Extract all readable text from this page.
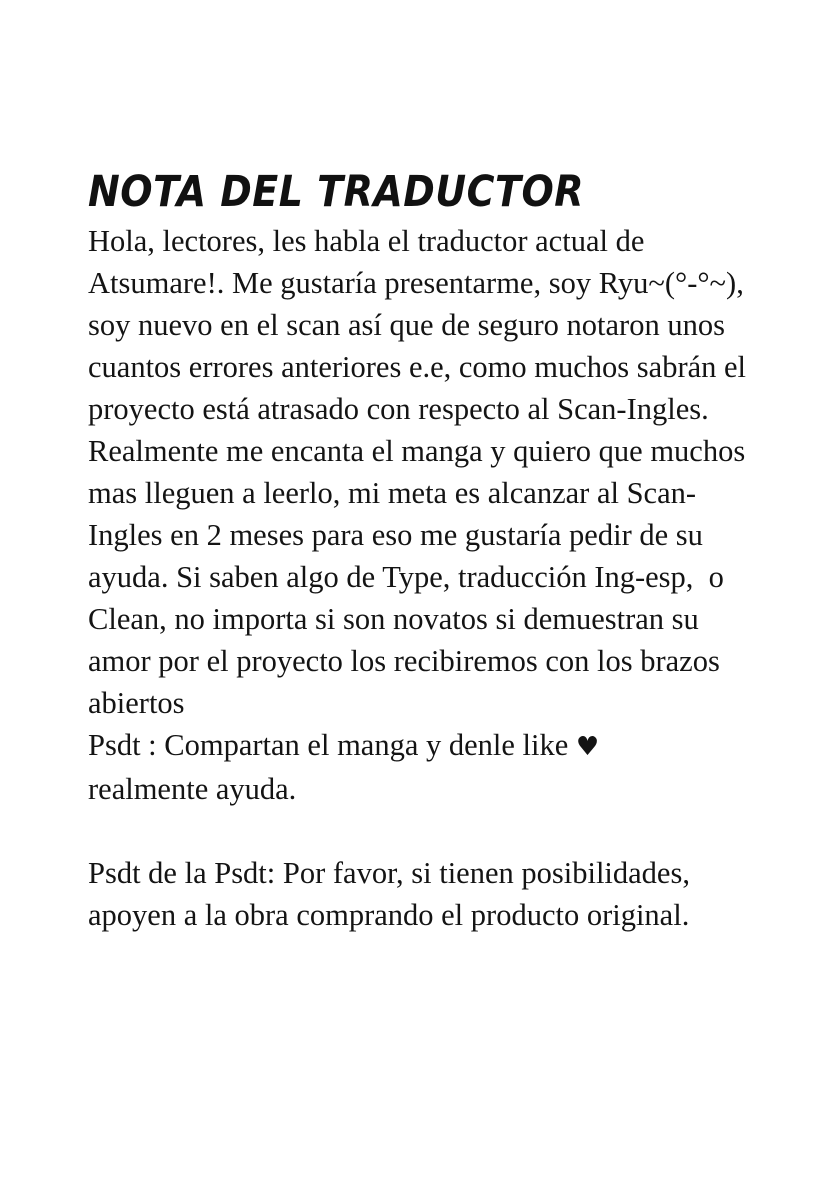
NOTA DEL TRADUCTOR

Hola, lectores, les habla el traductor actual de Atsumare!. Me gustaría presentarme, soy Ryu~(°-°~), soy nuevo en el scan así que de seguro notaron unos cuantos errores anteriores e.e, como muchos sabrán el proyecto está atrasado con respecto al Scan-Ingles.

Realmente me encanta el manga y quiero que muchos mas lleguen a leerlo, mi meta es alcanzar al Scan-Ingles en 2 meses para eso me gustaría pedir de su ayuda. Si saben algo de Type, traducción Ing-esp,  o Clean, no importa si son novatos si demuestran su amor por el proyecto los recibiremos con los brazos abiertos

Psdt : Compartan el manga y denle like ♥

realmente ayuda.

Psdt de la Psdt: Por favor, si tienen posibilidades, apoyen a la obra comprando el producto original.
